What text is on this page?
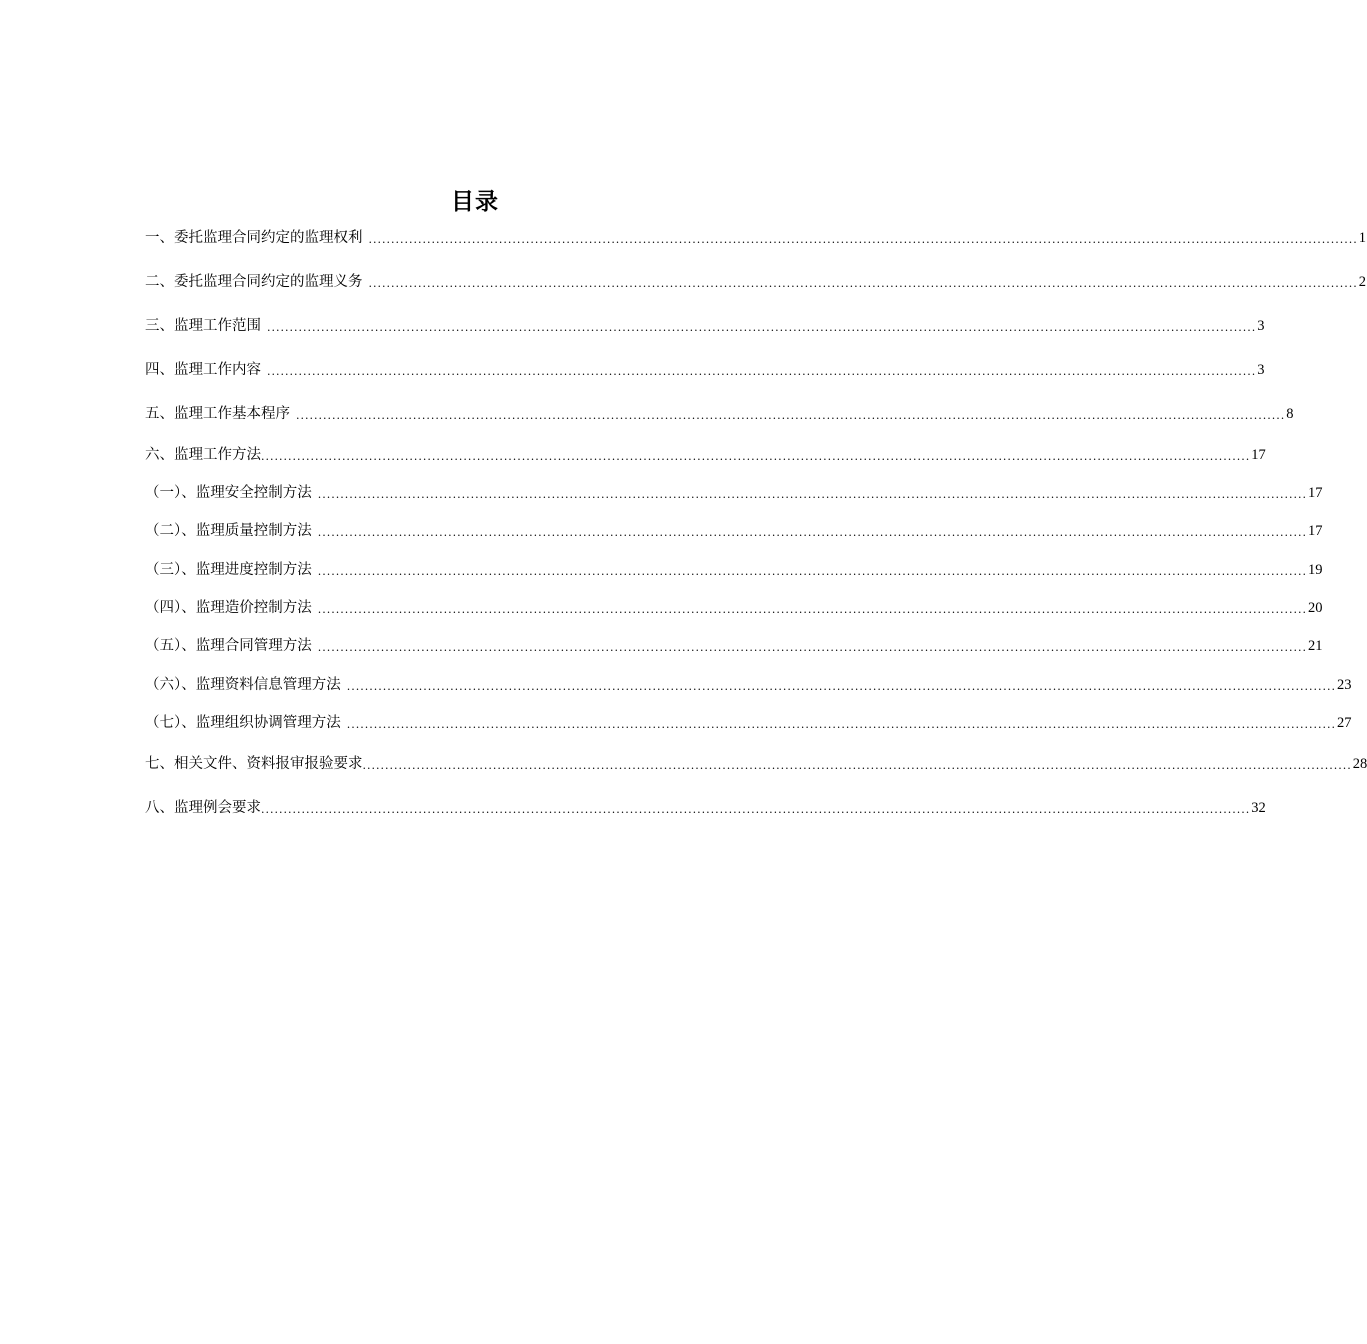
目录
一、委托监理合同约定的监理权利 ............................................................................................................................................................................................................................ 1
二、委托监理合同约定的监理义务 ............................................................................................................................................................................................................................ 2
三、监理工作范围 ............................................................................................................................................................................................................................ 3
四、监理工作内容 ............................................................................................................................................................................................................................ 3
五、监理工作基本程序 ............................................................................................................................................................................................................................ 8
六、监理工作方法 ............................................................................................................................................................................................................................ 17
（一）、监理安全控制方法 ............................................................................................................................................................................................................................ 17
（二）、监理质量控制方法 ............................................................................................................................................................................................................................ 17
（三）、监理进度控制方法 ............................................................................................................................................................................................................................ 19
（四）、监理造价控制方法 ............................................................................................................................................................................................................................ 20
（五）、监理合同管理方法 ............................................................................................................................................................................................................................ 21
（六）、监理资料信息管理方法 ............................................................................................................................................................................................................................ 23
（七）、监理组织协调管理方法 ............................................................................................................................................................................................................................ 27
七、相关文件、资料报审报验要求 ............................................................................................................................................................................................................................ 28
八、监理例会要求 ............................................................................................................................................................................................................................ 32
